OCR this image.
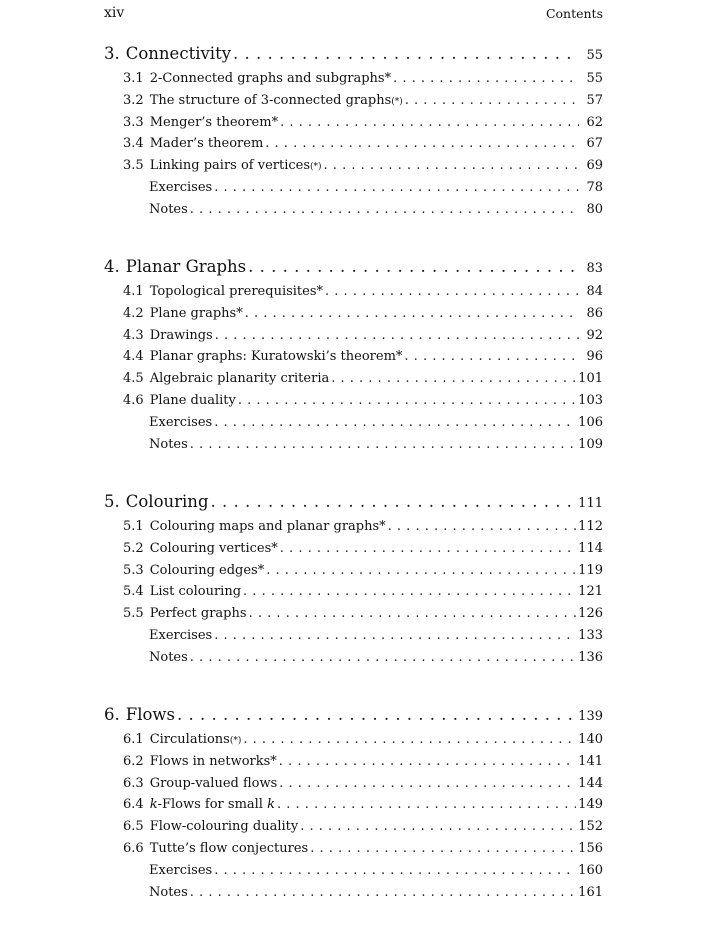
xiv	Contents
3. Connectivity . . .	55
3.1 2-Connected graphs and subgraphs* . . .	55
3.2 The structure of 3-connected graphs (*) . . .	57
3.3 Menger’s theorem* . . .	62
3.4 Mader’s theorem . . .	67
3.5 Linking pairs of vertices (*) . . .	69
Exercises . . .	78
Notes . . .	80
4. Planar Graphs . . .	83
4.1 Topological prerequisites* . . .	84
4.2 Plane graphs* . . .	86
4.3 Drawings . . .	92
4.4 Planar graphs: Kuratowski’s theorem* . . .	96
4.5 Algebraic planarity criteria . . .	101
4.6 Plane duality . . .	103
Exercises . . .	106
Notes . . .	109
5. Colouring . . .	111
5.1 Colouring maps and planar graphs* . . .	112
5.2 Colouring vertices* . . .	114
5.3 Colouring edges* . . .	119
5.4 List colouring . . .	121
5.5 Perfect graphs . . .	126
Exercises . . .	133
Notes . . .	136
6. Flows . . .	139
6.1 Circulations (*) . . .	140
6.2 Flows in networks* . . .	141
6.3 Group-valued flows . . .	144
6.4 k-Flows for small k . . .	149
6.5 Flow-colouring duality . . .	152
6.6 Tutte’s flow conjectures . . .	156
Exercises . . .	160
Notes . . .	161
